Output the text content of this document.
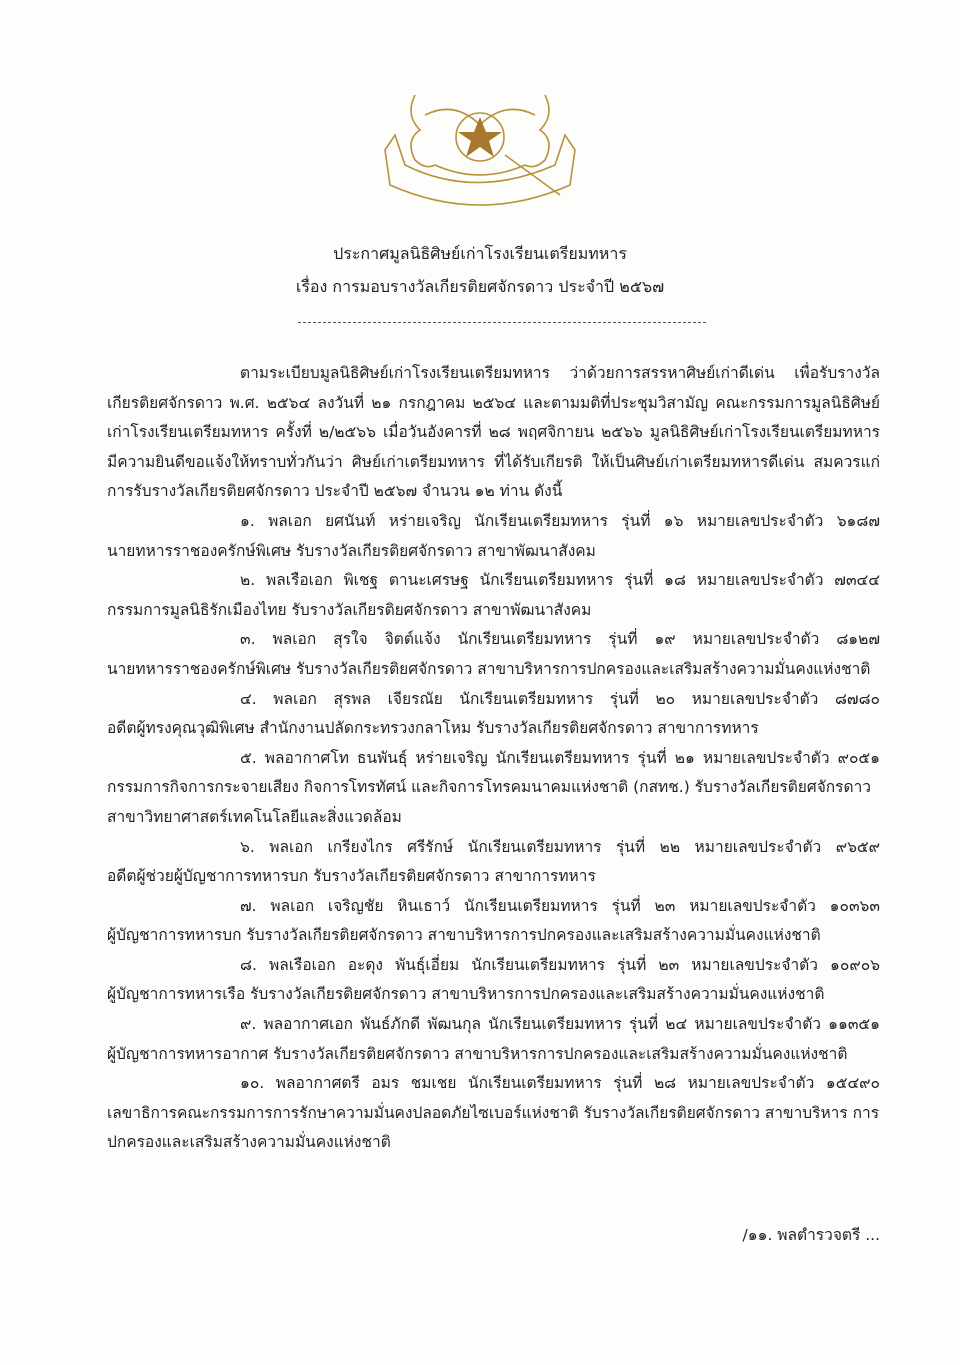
ประกาศมูลนิธิศิษย์เก่าโรงเรียนเตรียมทหาร
เรื่อง การมอบรางวัลเกียรติยศจักรดาว ประจำปี ๒๕๖๗

ตามระเบียบมูลนิธิศิษย์เก่าโรงเรียนเตรียมทหาร ว่าด้วยการสรรหาศิษย์เก่าดีเด่น เพื่อรับรางวัลเกียรติยศจักรดาว พ.ศ. ๒๕๖๔ ลงวันที่ ๒๑ กรกฎาคม ๒๕๖๔ และตามมติที่ประชุมวิสามัญ คณะกรรมการมูลนิธิศิษย์เก่าโรงเรียนเตรียมทหาร ครั้งที่ ๒/๒๕๖๖ เมื่อวันอังคารที่ ๒๘ พฤศจิกายน ๒๕๖๖ มูลนิธิศิษย์เก่าโรงเรียนเตรียมทหาร มีความยินดีขอแจ้งให้ทราบทั่วกันว่า ศิษย์เก่าเตรียมทหาร ที่ได้รับเกียรติ ให้เป็นศิษย์เก่าเตรียมทหารดีเด่น สมควรแก่การรับรางวัลเกียรติยศจักรดาว ประจำปี ๒๕๖๗ จำนวน ๑๒ ท่าน ดังนี้

๑. พลเอก ยศนันท์ หร่ายเจริญ นักเรียนเตรียมทหาร รุ่นที่ ๑๖ หมายเลขประจำตัว ๖๑๘๗
นายทหารราชองครักษ์พิเศษ รับรางวัลเกียรติยศจักรดาว สาขาพัฒนาสังคม
๒. พลเรือเอก พิเชฐ ตานะเศรษฐ นักเรียนเตรียมทหาร รุ่นที่ ๑๘ หมายเลขประจำตัว ๗๓๔๔
กรรมการมูลนิธิรักเมืองไทย รับรางวัลเกียรติยศจักรดาว สาขาพัฒนาสังคม
๓. พลเอก สุรใจ จิตต์แจ้ง นักเรียนเตรียมทหาร รุ่นที่ ๑๙ หมายเลขประจำตัว ๘๑๒๗
นายทหารราชองครักษ์พิเศษ รับรางวัลเกียรติยศจักรดาว สาขาบริหารการปกครองและเสริมสร้างความมั่นคงแห่งชาติ
๔. พลเอก สุรพล เจียรณัย นักเรียนเตรียมทหาร รุ่นที่ ๒๐ หมายเลขประจำตัว ๘๗๘๐
อดีตผู้ทรงคุณวุฒิพิเศษ สำนักงานปลัดกระทรวงกลาโหม รับรางวัลเกียรติยศจักรดาว สาขาการทหาร
๕. พลอากาศโท ธนพันธุ์ หร่ายเจริญ นักเรียนเตรียมทหาร รุ่นที่ ๒๑ หมายเลขประจำตัว ๙๐๕๑
กรรมการกิจการกระจายเสียง กิจการโทรทัศน์ และกิจการโทรคมนาคมแห่งชาติ (กสทช.) รับรางวัลเกียรติยศจักรดาว สาขาวิทยาศาสตร์เทคโนโลยีและสิ่งแวดล้อม
๖. พลเอก เกรียงไกร ศรีรักษ์ นักเรียนเตรียมทหาร รุ่นที่ ๒๒ หมายเลขประจำตัว ๙๖๕๙
อดีตผู้ช่วยผู้บัญชาการทหารบก รับรางวัลเกียรติยศจักรดาว สาขาการทหาร
๗. พลเอก เจริญชัย หินเธาว์ นักเรียนเตรียมทหาร รุ่นที่ ๒๓ หมายเลขประจำตัว ๑๐๓๖๓
ผู้บัญชาการทหารบก รับรางวัลเกียรติยศจักรดาว สาขาบริหารการปกครองและเสริมสร้างความมั่นคงแห่งชาติ
๘. พลเรือเอก อะดุง พันธุ์เอี่ยม นักเรียนเตรียมทหาร รุ่นที่ ๒๓ หมายเลขประจำตัว ๑๐๙๐๖
ผู้บัญชาการทหารเรือ รับรางวัลเกียรติยศจักรดาว สาขาบริหารการปกครองและเสริมสร้างความมั่นคงแห่งชาติ
๙. พลอากาศเอก พันธ์ภักดี พัฒนกุล นักเรียนเตรียมทหาร รุ่นที่ ๒๔ หมายเลขประจำตัว ๑๑๓๕๑
ผู้บัญชาการทหารอากาศ รับรางวัลเกียรติยศจักรดาว สาขาบริหารการปกครองและเสริมสร้างความมั่นคงแห่งชาติ
๑๐. พลอากาศตรี อมร ชมเชย นักเรียนเตรียมทหาร รุ่นที่ ๒๘ หมายเลขประจำตัว ๑๕๔๙๐
เลขาธิการคณะกรรมการการรักษาความมั่นคงปลอดภัยไซเบอร์แห่งชาติ รับรางวัลเกียรติยศจักรดาว สาขาบริหาร การปกครองและเสริมสร้างความมั่นคงแห่งชาติ
/๑๑. พลตำรวจตรี ...
